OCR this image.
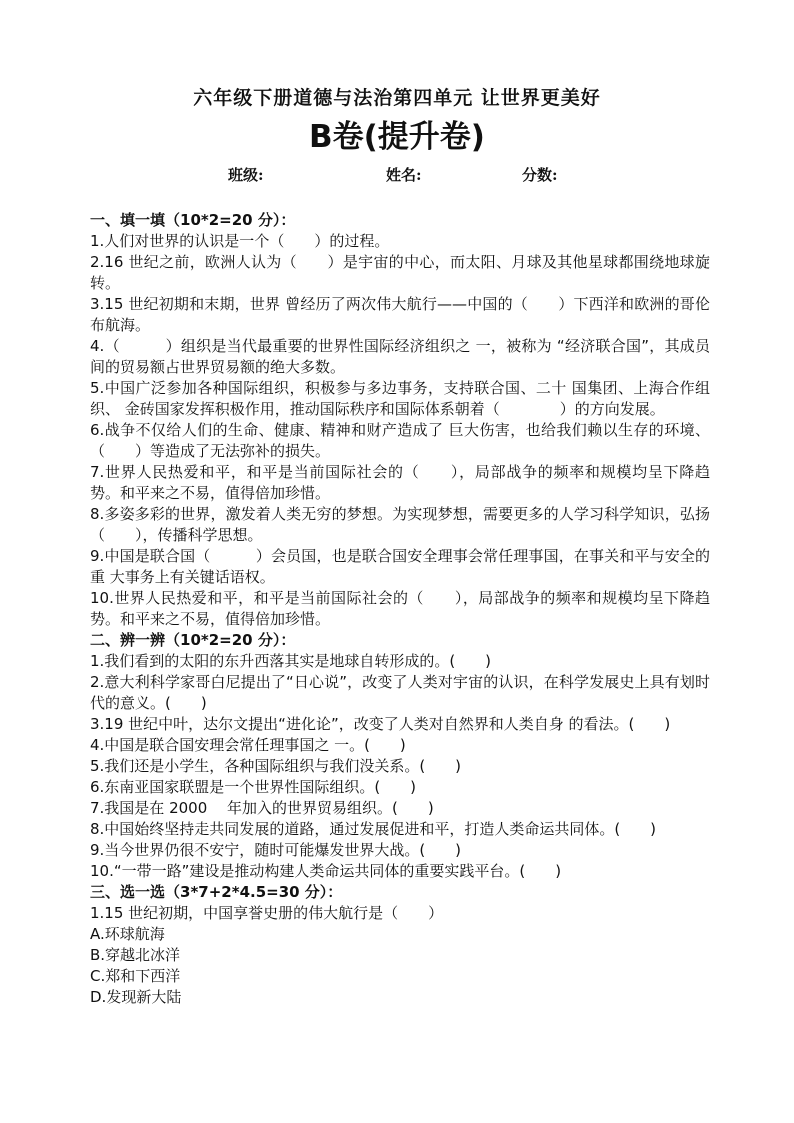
六年级下册道德与法治第四单元 让世界更美好
B卷(提升卷)
班级:	姓名:	分数:

一、填一填（10*2=20 分）：

1.人们对世界的认识是一个（　　）的过程。

2.16 世纪之前，欧洲人认为（　　）是宇宙的中心，而太阳、月球及其他星球都围绕地球旋转。

3.15 世纪初期和末期，世界 曾经历了两次伟大航行——中国的（　　）下西洋和欧洲的哥伦布航海。

4.（　　　）组织是当代最重要的世界性国际经济组织之 一，被称为 “经济联合国”，其成员 间的贸易额占世界贸易额的绝大多数。

5.中国广泛参加各种国际组织，积极参与多边事务，支持联合国、二十 国集团、上海合作组织、 金砖国家发挥积极作用，推动国际秩序和国际体系朝着（　　　　）的方向发展。

6.战争不仅给人们的生命、健康、精神和财产造成了 巨大伤害，也给我们赖以生存的环境、（　　）等造成了无法弥补的损失。

7.世界人民热爱和平，和平是当前国际社会的（　　），局部战争的频率和规模均呈下降趋势。和平来之不易，值得倍加珍惜。

8.多姿多彩的世界，激发着人类无穷的梦想。为实现梦想，需要更多的人学习科学知识，弘扬（　　），传播科学思想。

9.中国是联合国（　　　）会员国，也是联合国安全理事会常任理事国，在事关和平与安全的重 大事务上有关键话语权。

10.世界人民热爱和平，和平是当前国际社会的（　　），局部战争的频率和规模均呈下降趋势。和平来之不易，值得倍加珍惜。

二、辨一辨（10*2=20 分）：

1.我们看到的太阳的东升西落其实是地球自转形成的。(　　)

2.意大利科学家哥白尼提出了“日心说”，改变了人类对宇宙的认识，在科学发展史上具有划时代的意义。(　　)

3.19 世纪中叶，达尔文提出“进化论”，改变了人类对自然界和人类自身 的看法。(　　)

4.中国是联合国安理会常任理事国之 一。(　　)

5.我们还是小学生，各种国际组织与我们没关系。(　　)

6.东南亚国家联盟是一个世界性国际组织。(　　)

7.我国是在 2000　 年加入的世界贸易组织。(　　)

8.中国始终坚持走共同发展的道路，通过发展促进和平，打造人类命运共同体。(　　)

9.当今世界仍很不安宁，随时可能爆发世界大战。(　　)

10.“一带一路”建设是推动构建人类命运共同体的重要实践平台。(　　)

三、选一选（3*7+2*4.5=30 分）：

1.15 世纪初期，中国享誉史册的伟大航行是（　　）

A.环球航海

B.穿越北冰洋

C.郑和下西洋

D.发现新大陆
